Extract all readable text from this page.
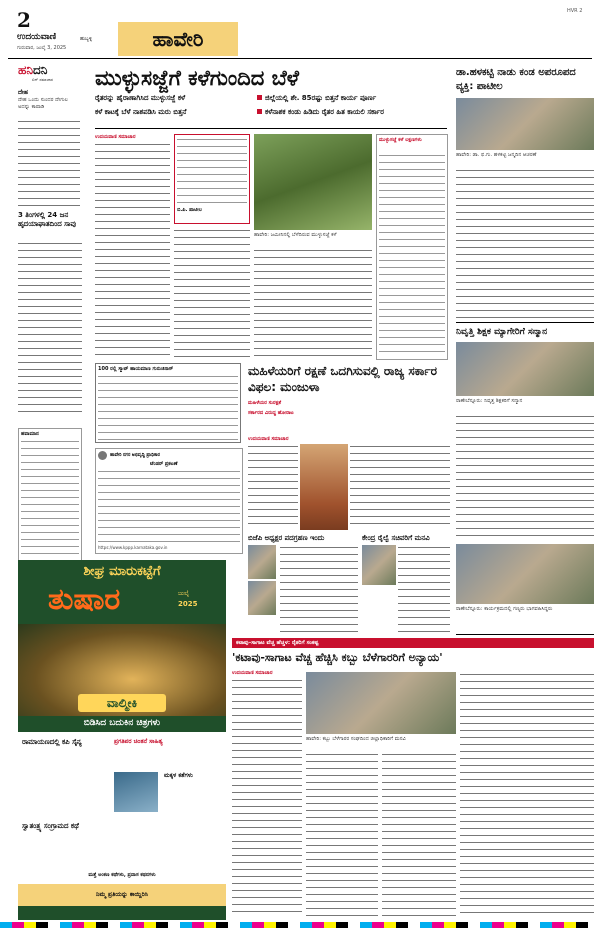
2
ಉದಯವಾಣಿ	ಹುಬ್ಬಳ್ಳಿ
ಗುರುವಾರ, ಜುಲೈ 3, 2025	ಹಾವೇರಿ
HVR 2
ಹನಿದನಿ
ಏನ್ ಸಮಾಚಾರ
ದೇಹ
ದೇಹ ಒಂದು ಸುಂದರ ದೇಗುಲ ಅದನ್ನು ಕಾಪಾಡಿ
3 ತಿಂಗಳಲ್ಲಿ 24 ಜನ ಹೃದಯಾಘಾತದಿಂದ ಸಾವು
ಹವಾಮಾನ
ಮುಳ್ಳುಸಜ್ಜೆಗೆ ಕಳೆಗುಂದಿದ ಬೆಳೆ
ರೈತರನ್ನು ಹೈರಾಣಾಗಿಸಿದ ಮುಳ್ಳುಸಜ್ಜೆ ಕಳೆ	ಜಿಲ್ಲೆಯಲ್ಲಿ ಶೇ. 85ರಷ್ಟು ಬಿತ್ತನೆ ಕಾರ್ಯ ಪೂರ್ಣ
ಕಳೆ ಕಾಟಕ್ಕೆ ಬೆಳೆ ನಾಶಪಡಿಸಿ ಮರು ಬಿತ್ತನೆ	ಕಳೆನಾಶಕ ಕಂಡು ಹಿಡಿದು ರೈತರ ಹಿತ ಕಾಯಲಿ ಸರ್ಕಾರ
ಉದಯವಾಣಿ ಸಮಾಚಾರ
ಬಿ.ಪಿ. ಪಾಟೀಲ
ಹಾವೇರಿ: ಜಮೀನಿನಲ್ಲಿ ಬೆಳೆದಿರುವ ಮುಳ್ಳುಸಜ್ಜೆ ಕಳೆ
ಮುಳ್ಳುಸಜ್ಜೆ ಕಳೆ ಲಕ್ಷಣಗಳು
100 ರಲ್ಲಿ ಸ್ಮಾಟ್ ಹಾಯಮಾಣ ಗುರುಜಿನಾಸ್	ಮಹಿಳೆಯರಿಗೆ ರಕ್ಷಣೆ ಒದಗಿಸುವಲ್ಲಿ ರಾಜ್ಯ ಸರ್ಕಾರ ವಿಫಲ: ಮಂಜುಳಾ
ಮಹಿಳೆಯರ ಸುರಕ್ಷತೆ
ಸರ್ಕಾರದ ವಿರುದ್ಧ ಹೋರಾಟ
ಉದಯವಾಣಿ ಸಮಾಚಾರ
ಹಾವೇರಿ ನಗರ ಅಭಿವೃದ್ಧಿ ಪ್ರಾಧಿಕಾರ
ಟೆಂಡರ್ ಪ್ರಕಟಣೆ
https://www.kppp.karnataka.gov.in
ಬಿಜೆಪಿ ಅಧ್ಯಕ್ಷರ ಪದಗ್ರಹಣ ಇಂದು	ಕೇಂದ್ರ ರೈಲ್ವೆ ಸಚಿವರಿಗೆ ಮನವಿ
ಶೀಘ್ರ ಮಾರುಕಟ್ಟೆಗೆ
ತುಷಾರ	ಜುಲೈ
2025
ವಾಲ್ಮೀಕಿ
ಬಿಡಿಸಿದ ಬದುಕಿನ ಚಿತ್ರಗಳು
ರಾಮಾಯಣದಲ್ಲಿ ಕಪಿ ಸೈನ್ಯ	ಪ್ರಗತಿಪರ ಚಿಂತನೆ ಸಾಹಿತ್ಯ
ಸ್ವಾತಂತ್ರ್ಯ ಸಂಗ್ರಾಮದ ಕಥೆ
ಮಕ್ಕಳ ಕತೆಗಳು
ಮತ್ತೆ ಅಂಕಣ ಕಥೆಗಳು, ಪ್ರವಾಸ ಕಥನಗಳು
ನಿಮ್ಮ ಪ್ರತಿಯನ್ನು ಕಾಯ್ದಿರಿಸಿ
ಕಟಾವು–ಸಾಗಾಟ ವೆಚ್ಚ ಹೆಚ್ಚಳ: ರೈತರಿಗೆ ಸಂಕಷ್ಟ
'ಕಟಾವು-ಸಾಗಾಟ ವೆಚ್ಚ ಹೆಚ್ಚಿಸಿ ಕಬ್ಬು ಬೆಳೆಗಾರರಿಗೆ ಅನ್ಯಾಯ'
ಉದಯವಾಣಿ ಸಮಾಚಾರ
ಹಾವೇರಿ: ಕಬ್ಬು ಬೆಳೆಗಾರರ ಸಂಘದಿಂದ ಜಿಲ್ಲಾಧಿಕಾರಿಗೆ ಮನವಿ
ಡಾ.ಹಳಕಟ್ಟಿ ನಾಡು ಕಂಡ ಅಪರೂಪದ ವ್ಯಕ್ತಿ: ಪಾಟೀಲ
ಹಾವೇರಿ: ಡಾ. ಫ.ಗು. ಹಳಕಟ್ಟಿ ಜನ್ಮದಿನ ಆಚರಣೆ
ನಿವೃತ್ತಿ ಶಿಕ್ಷಕ ಮ್ಯಾಗೇರಿಗೆ ಸನ್ಮಾನ
ರಾಣೇಬೆನ್ನೂರು: ನಿವೃತ್ತ ಶಿಕ್ಷಕರಿಗೆ ಸನ್ಮಾನ
ರಾಣೇಬೆನ್ನೂರು: ಕಾರ್ಯಕ್ರಮದಲ್ಲಿ ಗಣ್ಯರು ಭಾಗವಹಿಸಿದ್ದರು
